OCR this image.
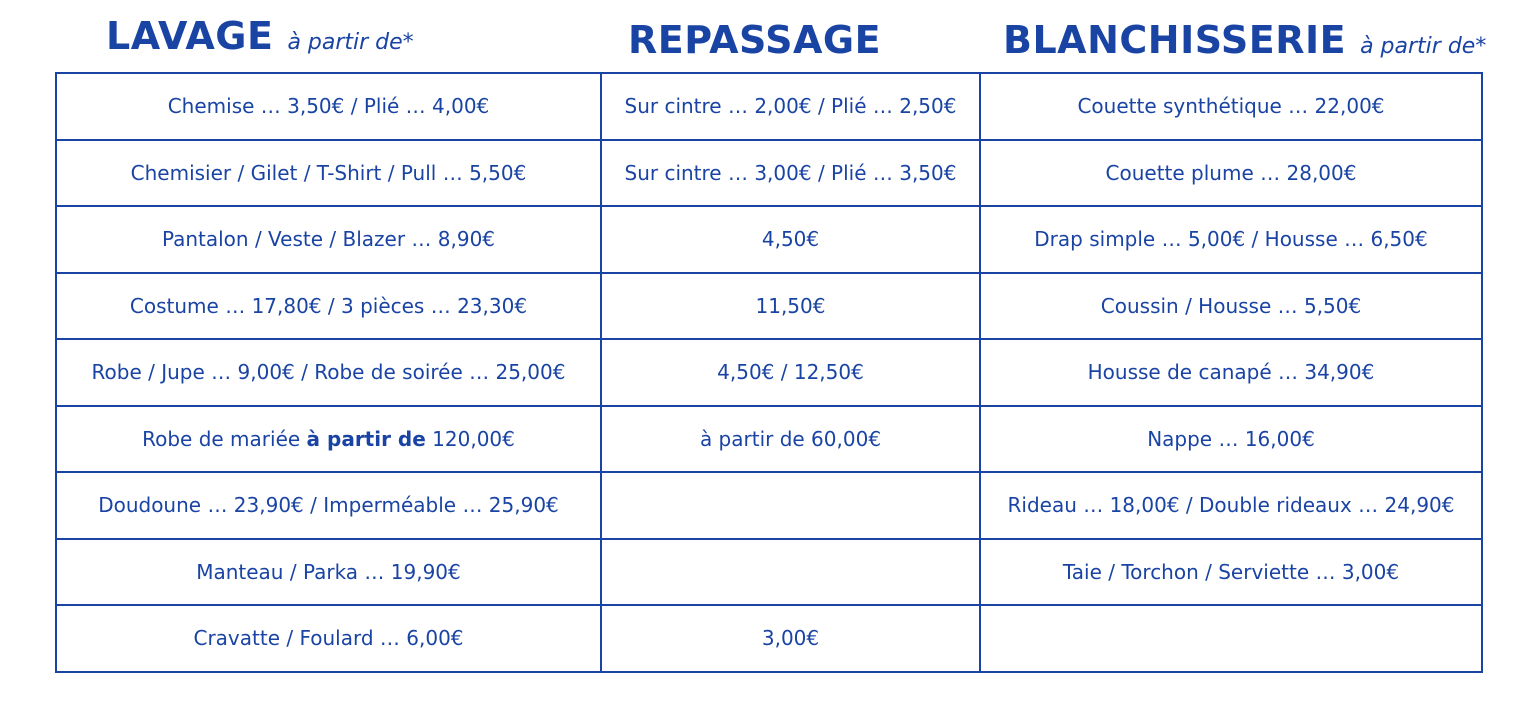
LAVAGE à partir de*	REPASSAGE	BLANCHISSERIE à partir de*
Chemise … 3,50€ / Plié … 4,00€	Sur cintre … 2,00€ / Plié … 2,50€	Couette synthétique … 22,00€
Chemisier / Gilet / T-Shirt / Pull … 5,50€	Sur cintre … 3,00€ / Plié … 3,50€	Couette plume … 28,00€
Pantalon / Veste / Blazer … 8,90€	4,50€	Drap simple … 5,00€ / Housse … 6,50€
Costume … 17,80€ / 3 pièces … 23,30€	11,50€	Coussin / Housse … 5,50€
Robe / Jupe … 9,00€ / Robe de soirée … 25,00€	4,50€ / 12,50€	Housse de canapé … 34,90€
Robe de mariée à partir de 120,00€	à partir de 60,00€	Nappe … 16,00€
Doudoune … 23,90€ / Imperméable … 25,90€		Rideau … 18,00€ / Double rideaux … 24,90€
Manteau / Parka … 19,90€		Taie / Torchon / Serviette … 3,00€
Cravatte / Foulard … 6,00€	3,00€	
